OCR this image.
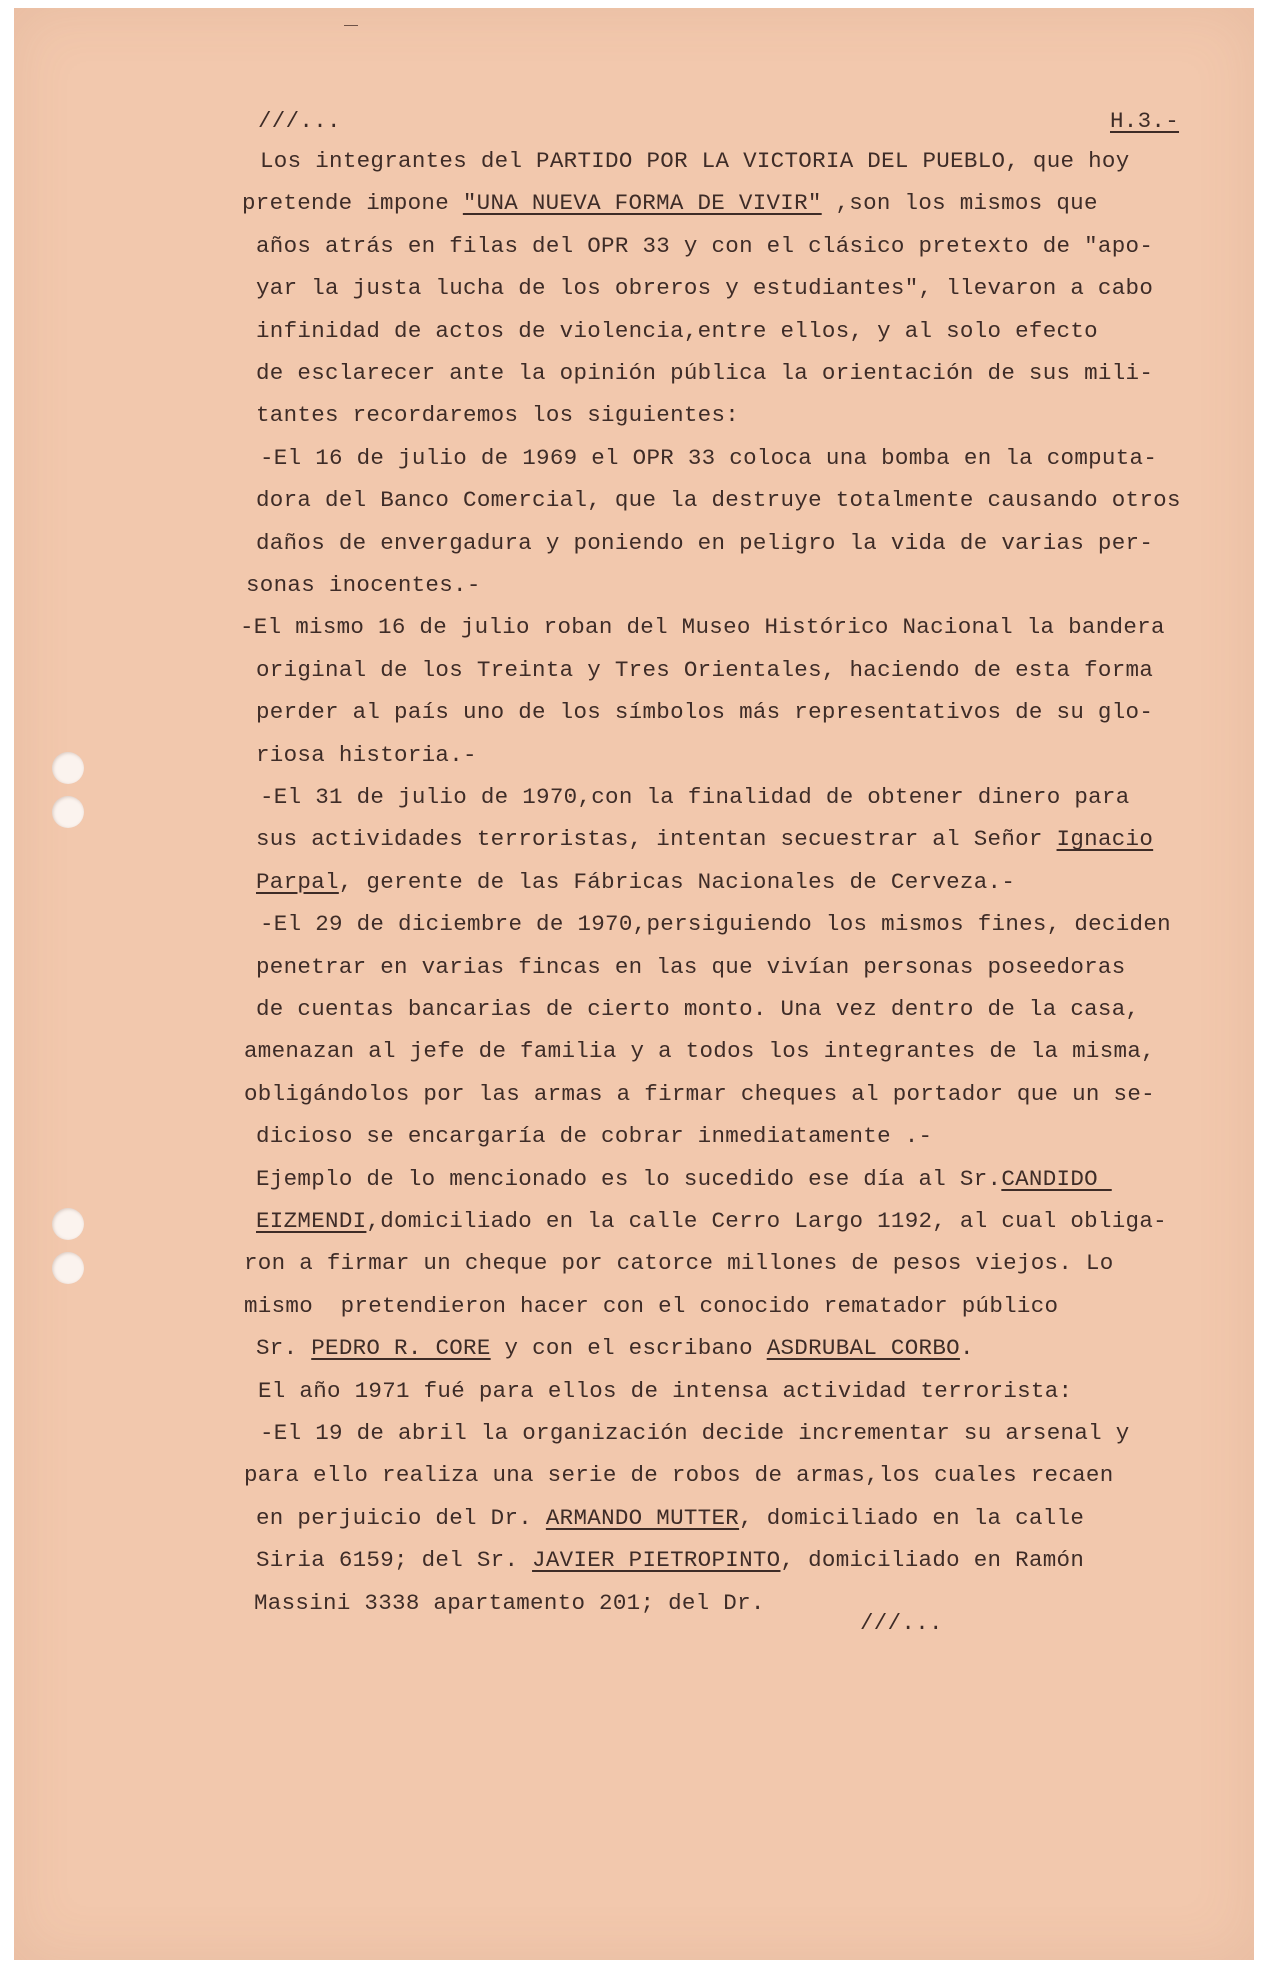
///...	H.3.-
Los integrantes del PARTIDO POR LA VICTORIA DEL PUEBLO, que hoy
pretende impone "UNA NUEVA FORMA DE VIVIR" ,son los mismos que
años atrás en filas del OPR 33 y con el clásico pretexto de "apo-
yar la justa lucha de los obreros y estudiantes", llevaron a cabo
infinidad de actos de violencia,entre ellos, y al solo efecto
de esclarecer ante la opinión pública la orientación de sus mili-
tantes recordaremos los siguientes:
-El 16 de julio de 1969 el OPR 33 coloca una bomba en la computa-
dora del Banco Comercial, que la destruye totalmente causando otros
daños de envergadura y poniendo en peligro la vida de varias per-
sonas inocentes.-
-El mismo 16 de julio roban del Museo Histórico Nacional la bandera
original de los Treinta y Tres Orientales, haciendo de esta forma
perder al país uno de los símbolos más representativos de su glo-
riosa historia.-
-El 31 de julio de 1970,con la finalidad de obtener dinero para
sus actividades terroristas, intentan secuestrar al Señor Ignacio
Parpal, gerente de las Fábricas Nacionales de Cerveza.-
-El 29 de diciembre de 1970,persiguiendo los mismos fines, deciden
penetrar en varias fincas en las que vivían personas poseedoras
de cuentas bancarias de cierto monto. Una vez dentro de la casa,
amenazan al jefe de familia y a todos los integrantes de la misma,
obligándolos por las armas a firmar cheques al portador que un se-
dicioso se encargaría de cobrar inmediatamente .-
Ejemplo de lo mencionado es lo sucedido ese día al Sr.CANDIDO
EIZMENDI,domiciliado en la calle Cerro Largo 1192, al cual obliga-
ron a firmar un cheque por catorce millones de pesos viejos. Lo
mismo  pretendieron hacer con el conocido rematador público
Sr. PEDRO R. CORE y con el escribano ASDRUBAL CORBO.
El año 1971 fué para ellos de intensa actividad terrorista:
-El 19 de abril la organización decide incrementar su arsenal y
para ello realiza una serie de robos de armas,los cuales recaen
en perjuicio del Dr. ARMANDO MUTTER, domiciliado en la calle
Siria 6159; del Sr. JAVIER PIETROPINTO, domiciliado en Ramón
Massini 3338 apartamento 201; del Dr.
///...
